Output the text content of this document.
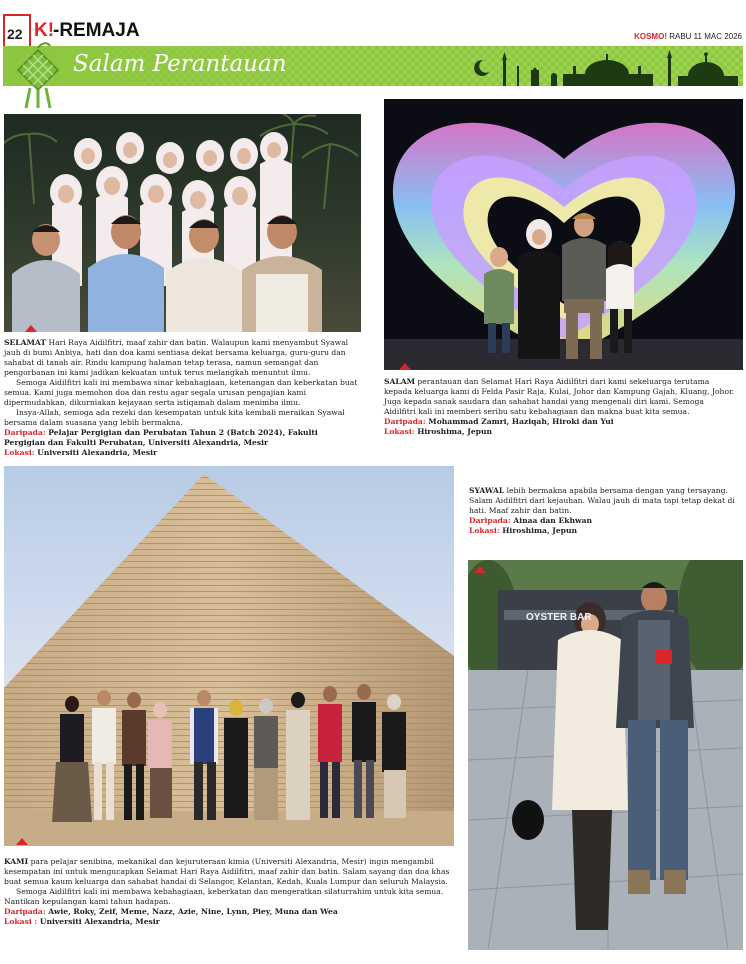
22 K!
-REMAJA	KOSMO! RABU 11 MAC 2026
Salam Perantauan

SELAMAT Hari Raya Aidilfitri, maaf zahir dan batin. Walaupun kami menyambut Syawal jauh di bumi Anbiya, hati dan doa kami sentiasa dekat bersama keluarga, guru-guru dan sahabat di tanah air. Rindu kampung halaman tetap terasa, namun semangat dan pengorbanan ini kami jadikan kekuatan untuk terus melangkah menuntut ilmu.

Semoga Aidilfitri kali ini membawa sinar kebahagiaan, ketenangan dan keberkatan buat semua. Kami juga memohon doa dan restu agar segala urusan pengajian kami dipermudahkan, dikurniakan kejayaan serta istiqamah dalam menimba ilmu.

Insya-Allah, semoga ada rezeki dan kesempatan untuk kita kembali meraikan Syawal bersama dalam suasana yang lebih bermakna.

Daripada: Pelajar Pergigian dan Perubatan Tahun 2 (Batch 2024), Fakulti Pergigian dan Fakulti Perubatan, Universiti Alexandria, Mesir

Lokasi: Universiti Alexandria, Mesir

SALAM perantauan dan Selamat Hari Raya Aidilfitri dari kami sekeluarga terutama kepada keluarga kami di Felda Pasir Raja, Kulai, Johor dan Kampung Gajah, Kluang, Johor. Juga kepada sanak saudara dan sahabat handai yang mengenali diri kami. Semoga Aidilfitri kali ini memberi seribu satu kebahagiaan dan makna buat kita semua.

Daripada: Mohammad Zamri, Haziqah, Hiroki dan Yui

Lokasi: Hiroshima, Jepun

KAMI para pelajar senibina, mekanikal dan kejuruteraan kimia (Universiti Alexandria, Mesir) ingin mengambil kesempatan ini untuk mengucapkan Selamat Hari Raya Aidilfitri, maaf zahir dan batin. Salam sayang dan doa khas buat semua kaum keluarga dan sahabat handai di Selangor, Kelantan, Kedah, Kuala Lumpur dan seluruh Malaysia.

Semoga Aidilfitri kali ini membawa kebahagiaan, keberkatan dan mengeratkan silaturrahim untuk kita semua. Nantikan kepulangan kami tahun hadapan.

Daripada: Awie, Roky, Zeif, Meme, Nazz, Azie, Nine, Lynn, Piey, Muna dan Wea

Lokasi : Universiti Alexandria, Mesir

SYAWAL lebih bermakna apabila bersama dengan yang tersayang. Salam Aidilfitri dari kejauhan. Walau jauh di mata tapi tetap dekat di hati. Maaf zahir dan batin.

Daripada: Ainaa dan Ekhwan

Lokasi: Hiroshima, Jepun

OYSTER BAR
